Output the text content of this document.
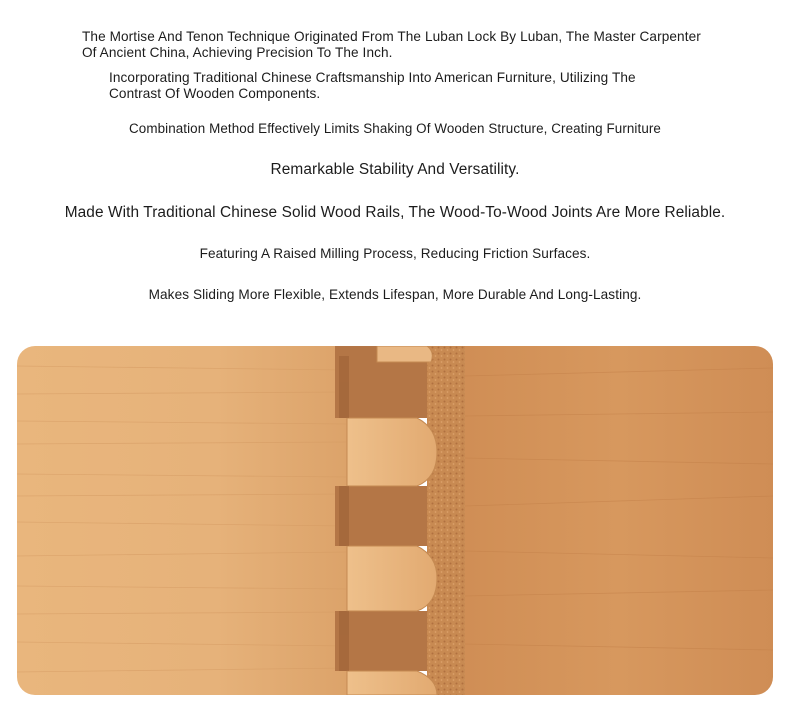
The Mortise And Tenon Technique Originated From The Luban Lock By Luban, The Master Carpenter
Of Ancient China, Achieving Precision To The Inch.

Incorporating Traditional Chinese Craftsmanship Into American Furniture, Utilizing The
Contrast Of Wooden Components.

Combination Method Effectively Limits Shaking Of Wooden Structure, Creating Furniture

Remarkable Stability And Versatility.

Made With Traditional Chinese Solid Wood Rails, The Wood-To-Wood Joints Are More Reliable.

Featuring A Raised Milling Process, Reducing Friction Surfaces.

Makes Sliding More Flexible, Extends Lifespan, More Durable And Long-Lasting.
